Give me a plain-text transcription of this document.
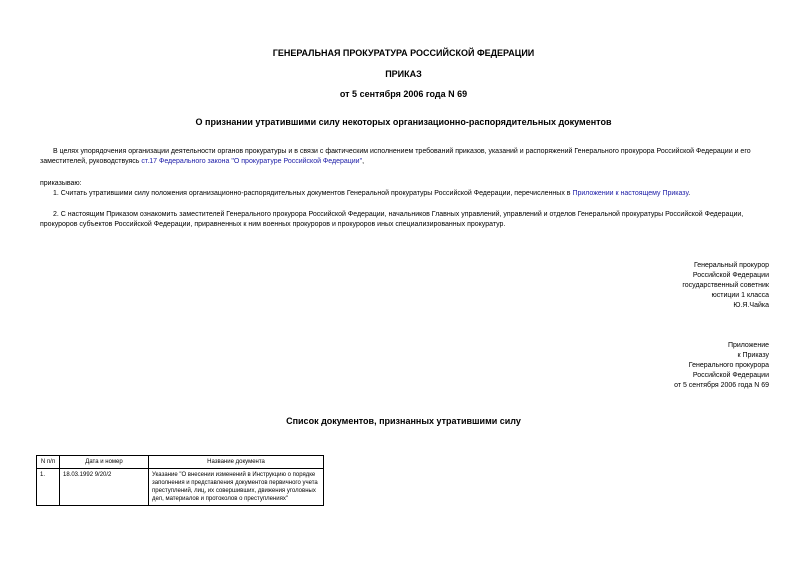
ГЕНЕРАЛЬНАЯ ПРОКУРАТУРА РОССИЙСКОЙ ФЕДЕРАЦИИ
ПРИКАЗ
от 5 сентября 2006 года N 69
О признании утратившими силу некоторых организационно-распорядительных документов
В целях упорядочения организации деятельности органов прокуратуры и в связи с фактическим исполнением требований приказов, указаний и распоряжений Генерального прокурора Российской Федерации и его заместителей, руководствуясь ст.17 Федерального закона "О прокуратуре Российской Федерации",
приказываю:
1. Считать утратившими силу положения организационно-распорядительных документов Генеральной прокуратуры Российской Федерации, перечисленных в Приложении к настоящему Приказу.
2. С настоящим Приказом ознакомить заместителей Генерального прокурора Российской Федерации, начальников Главных управлений, управлений и отделов Генеральной прокуратуры Российской Федерации, прокуроров субъектов Российской Федерации, приравненных к ним военных прокуроров и прокуроров иных специализированных прокуратур.
Генеральный прокурор
Российской Федерации
государственный советник
юстиции 1 класса
Ю.Я.Чайка
Приложение
к Приказу
Генерального прокурора
Российской Федерации
от 5 сентября 2006 года N 69
Список документов, признанных утратившими силу
N п/п	Дата и номер	Название документа
1.	18.03.1992 9/20/2	Указание "О внесении изменений в Инструкцию о порядке заполнения и представления документов первичного учета преступлений, лиц, их совершивших, движения уголовных дел, материалов и протоколов о преступлениях"
